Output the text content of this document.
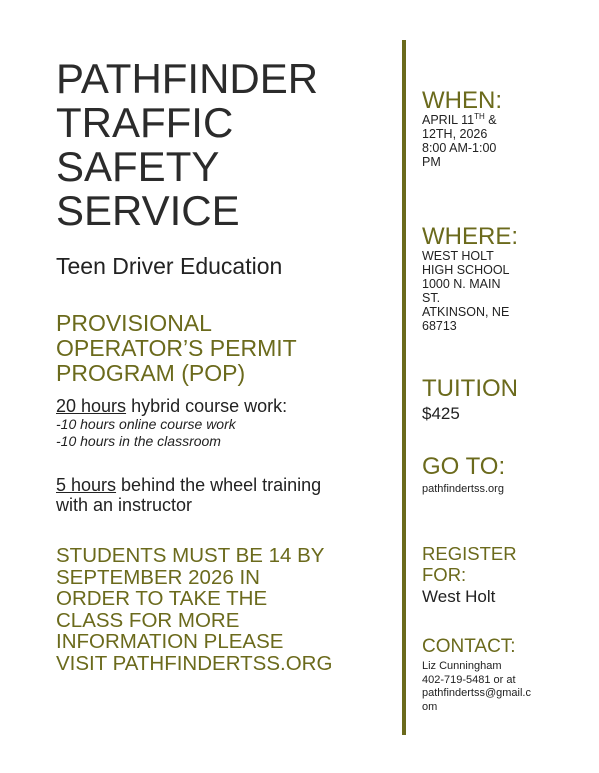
PATHFINDER
TRAFFIC
SAFETY
SERVICE
Teen Driver Education
PROVISIONAL
OPERATOR’S PERMIT
PROGRAM (POP)
20 hours hybrid course work:
-10 hours online course work
-10 hours in the classroom
5 hours behind the wheel training
with an instructor
STUDENTS MUST BE 14 BY
SEPTEMBER 2026 IN
ORDER TO TAKE THE
CLASS FOR MORE
INFORMATION PLEASE
VISIT PATHFINDERTSS.ORG
WHEN:
APRIL 11TH &
12TH, 2026
8:00 AM-1:00
PM
WHERE:
WEST HOLT
HIGH SCHOOL
1000 N. MAIN
ST.
ATKINSON, NE
68713
TUITION
$425
GO TO:
pathfindertss.org
REGISTER
FOR:
West Holt
CONTACT:
Liz Cunningham
402-719-5481 or at
pathfindertss@gmail.c
om
